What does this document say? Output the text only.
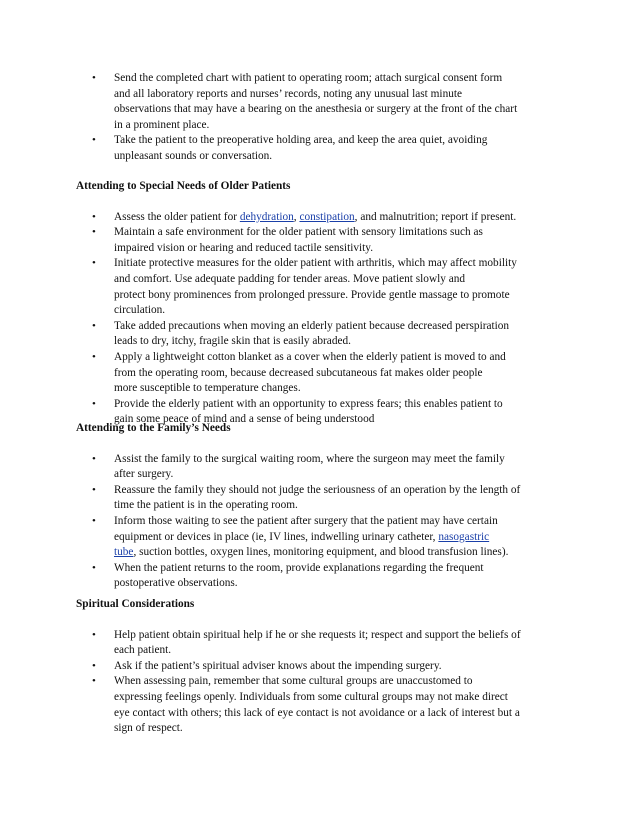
• Send the completed chart with patient to operating room; attach surgical consent form
and all laboratory reports and nurses’ records, noting any unusual last minute
observations that may have a bearing on the anesthesia or surgery at the front of the chart
in a prominent place.
• Take the patient to the preoperative holding area, and keep the area quiet, avoiding
unpleasant sounds or conversation.
Attending to Special Needs of Older Patients
• Assess the older patient for dehydration, constipation, and malnutrition; report if present.
• Maintain a safe environment for the older patient with sensory limitations such as
impaired vision or hearing and reduced tactile sensitivity.
• Initiate protective measures for the older patient with arthritis, which may affect mobility
and comfort. Use adequate padding for tender areas. Move patient slowly and
protect bony prominences from prolonged pressure. Provide gentle massage to promote
circulation.
• Take added precautions when moving an elderly patient because decreased perspiration
leads to dry, itchy, fragile skin that is easily abraded.
• Apply a lightweight cotton blanket as a cover when the elderly patient is moved to and
from the operating room, because decreased subcutaneous fat makes older people
more susceptible to temperature changes.
• Provide the elderly patient with an opportunity to express fears; this enables patient to
gain some peace of mind and a sense of being understood
Attending to the Family’s Needs
• Assist the family to the surgical waiting room, where the surgeon may meet the family
after surgery.
• Reassure the family they should not judge the seriousness of an operation by the length of
time the patient is in the operating room.
• Inform those waiting to see the patient after surgery that the patient may have certain
equipment or devices in place (ie, IV lines, indwelling urinary catheter, nasogastric
tube, suction bottles, oxygen lines, monitoring equipment, and blood transfusion lines).
• When the patient returns to the room, provide explanations regarding the frequent
postoperative observations.
Spiritual Considerations
• Help patient obtain spiritual help if he or she requests it; respect and support the beliefs of
each patient.
• Ask if the patient’s spiritual adviser knows about the impending surgery.
• When assessing pain, remember that some cultural groups are unaccustomed to
expressing feelings openly. Individuals from some cultural groups may not make direct
eye contact with others; this lack of eye contact is not avoidance or a lack of interest but a
sign of respect.
